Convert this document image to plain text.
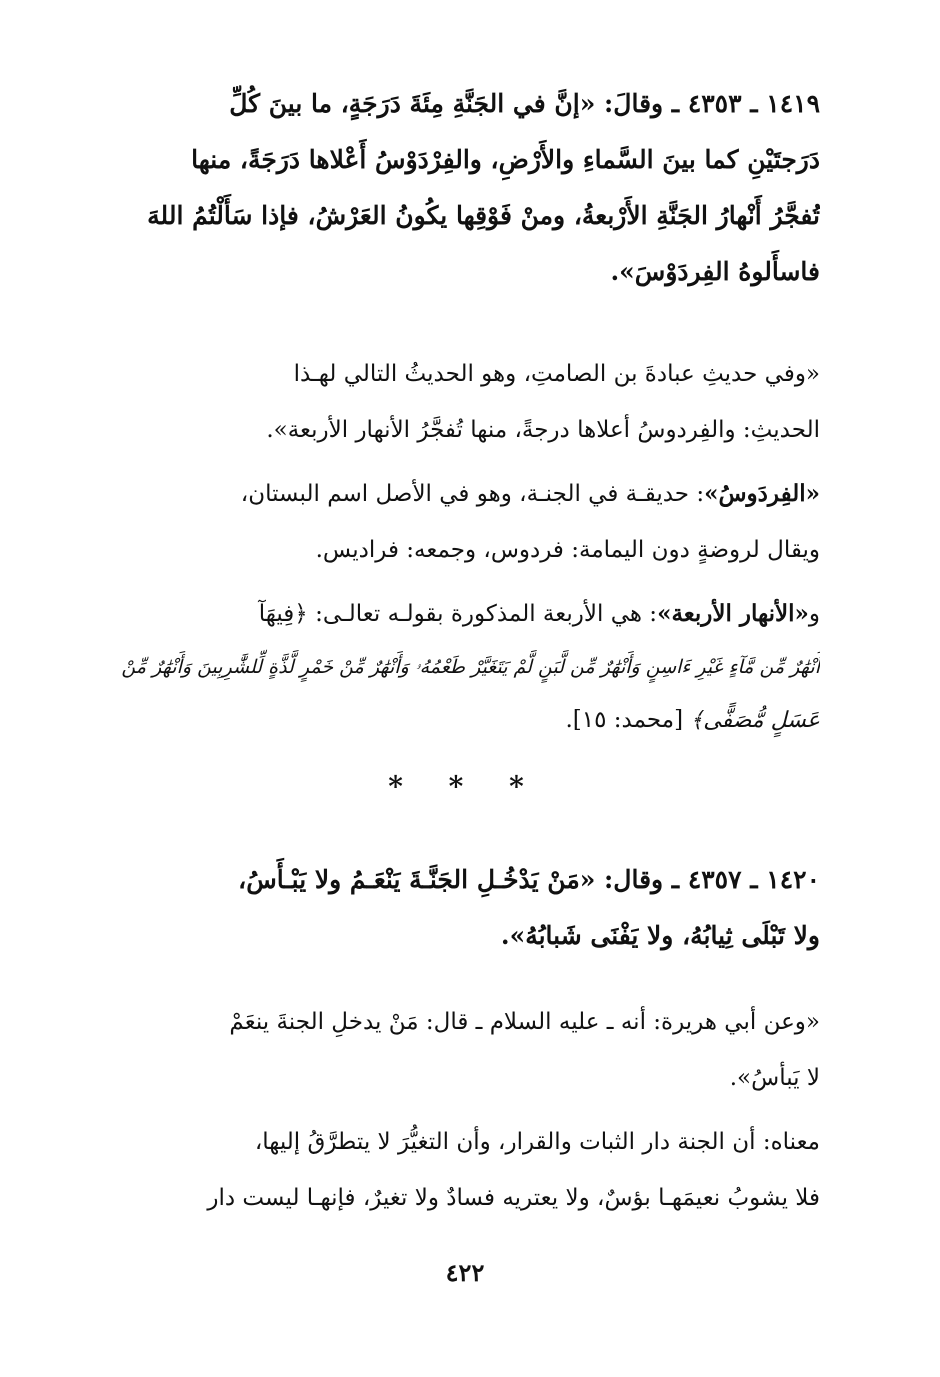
١٤١٩ ـ ٤٣٥٣ ـ وقالَ: «إنَّ في الجَنَّةِ مِئَةَ دَرَجَةٍ، ما بينَ كُلِّ
دَرَجتَيْنِ كما بينَ السَّماءِ والأَرْضِ، والفِرْدَوْسُ أَعْلاها دَرَجَةً، منها
تُفجَّرُ أَنْهارُ الجَنَّةِ الأَرْبعةُ، ومنْ فَوْقِها يكُونُ العَرْشُ، فإذا سَأَلْتُمُ اللهَ
فاسأَلوهُ الفِردَوْسَ».
«وفي حديثِ عبادةَ بن الصامتِ، وهو الحديثُ التالي لهـذا
الحديثِ: والفِردوسُ أعلاها درجةً، منها تُفجَّرُ الأنهار الأربعة».
«الفِردَوسُ»: حديقـة في الجنـة، وهو في الأصل اسم البستان،
ويقال لروضةٍ دون اليمامة: فردوس، وجمعه: فراديس.
و«الأنهار الأربعة»: هي الأربعة المذكورة بقولـه تعالـى: ﴿فِيهَآ
أَنْهَٰرٌ مِّن مَّآءٍ غَيْرِ ءَاسِنٍ وَأَنْهَٰرٌ مِّن لَّبَنٍ لَّمْ يَتَغَيَّرْ طَعْمُهُۥ وَأَنْهَٰرٌ مِّنْ خَمْرٍ لَّذَّةٍ لِّلشَّٰرِبِينَ وَأَنْهَٰرٌ مِّنْ
عَسَلٍ مُّصَفًّى﴾ [محمد: ١٥].
* * *
١٤٢٠ ـ ٤٣٥٧ ـ وقال: «مَنْ يَدْخُـلِ الجَنَّـةَ يَنْعَـمُ ولا يَبْـأَسُ،
ولا تَبْلَى ثِيابُهُ، ولا يَفْنَى شَبابُهُ».
«وعن أبي هريرة: أنه ـ عليه السلام ـ قال: مَنْ يدخلِ الجنةَ ينعَمْ
لا يَبأسُ».
معناه: أن الجنة دار الثبات والقرار، وأن التغيُّرَ لا يتطرَّقُ إليها،
فلا يشوبُ نعيمَهـا بؤسٌ، ولا يعتريه فسادٌ ولا تغيرٌ، فإنهـا ليست دار
٤٢٢
